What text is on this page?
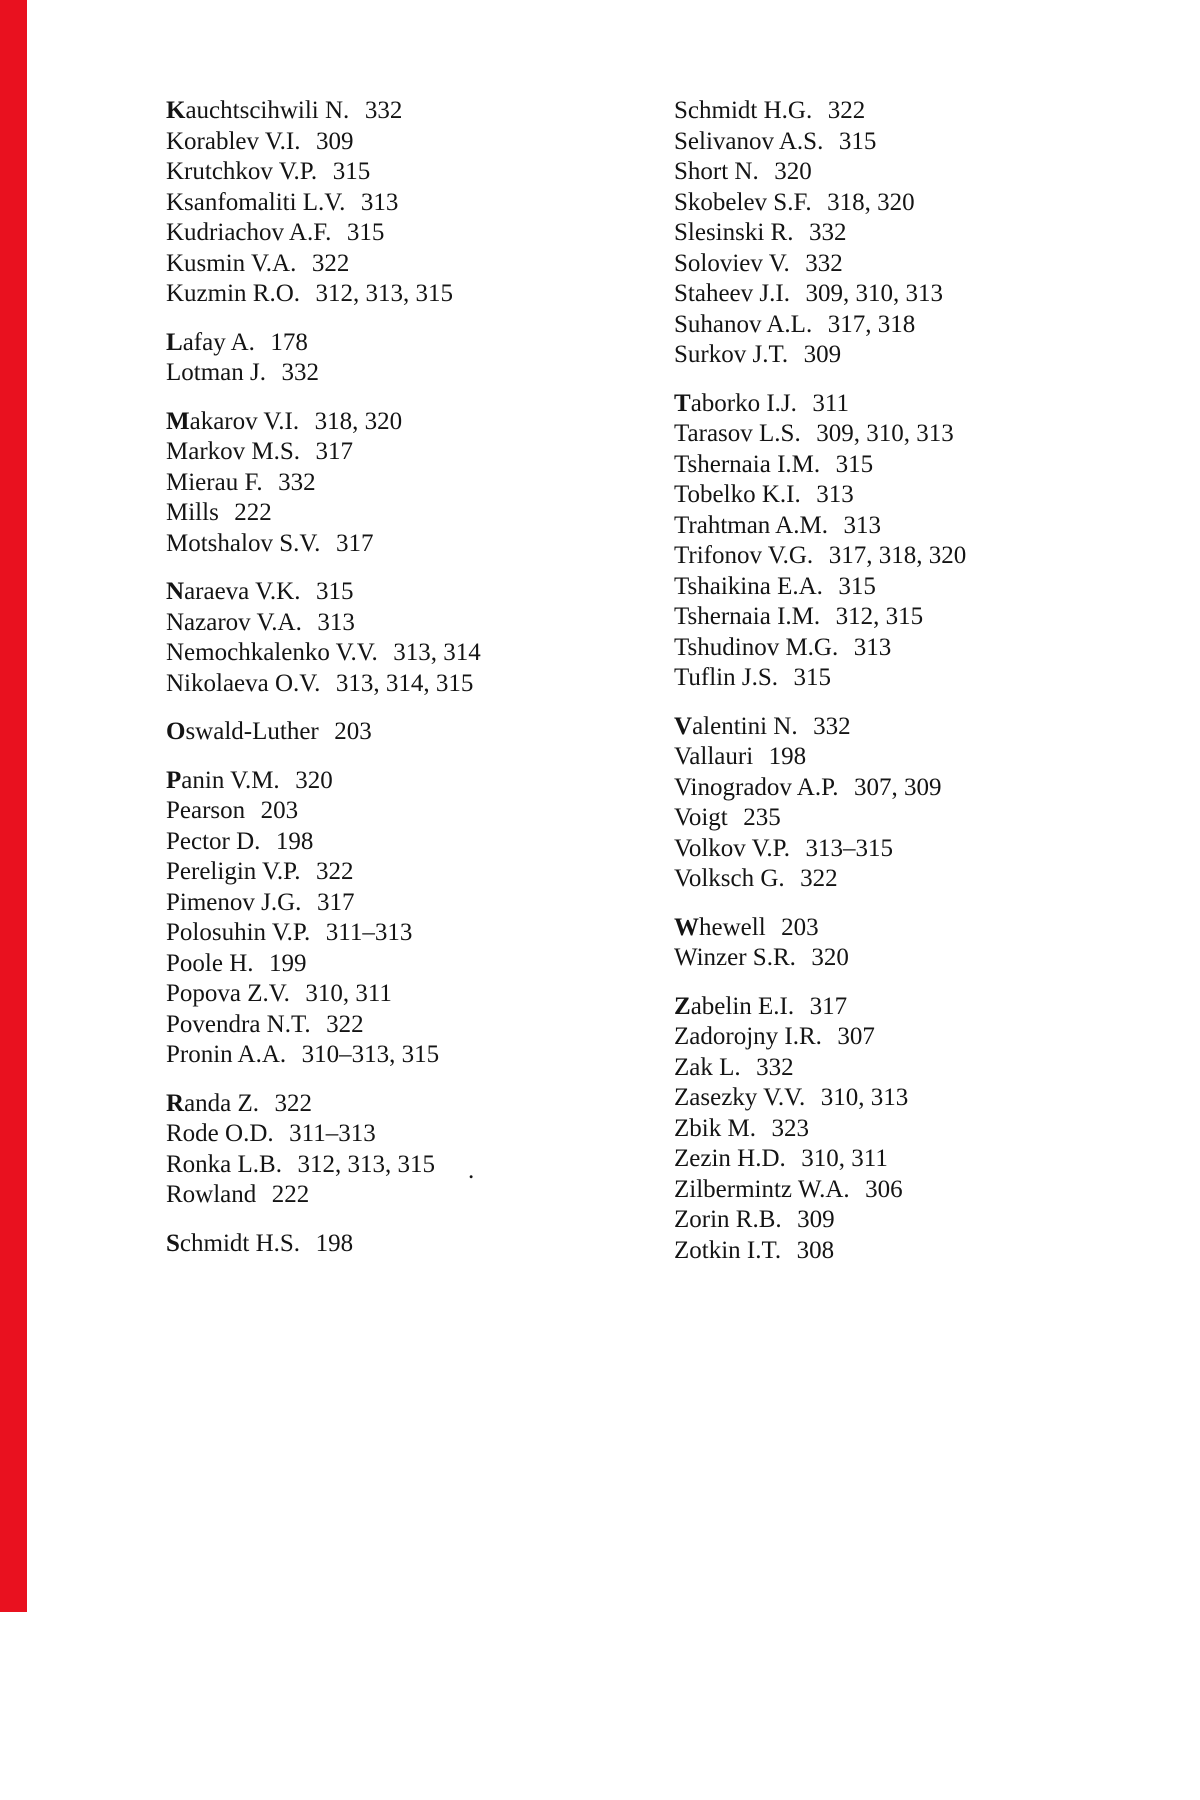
Kauchtscihwili N. 332
Korablev V.I. 309
Krutchkov V.P. 315
Ksanfomaliti L.V. 313
Kudriachov A.F. 315
Kusmin V.A. 322
Kuzmin R.O. 312, 313, 315
Lafay A. 178
Lotman J. 332
Makarov V.I. 318, 320
Markov M.S. 317
Mierau F. 332
Mills 222
Motshalov S.V. 317
Naraeva V.K. 315
Nazarov V.A. 313
Nemochkalenko V.V. 313, 314
Nikolaeva O.V. 313, 314, 315
Oswald-Luther 203
Panin V.M. 320
Pearson 203
Pector D. 198
Pereligin V.P. 322
Pimenov J.G. 317
Polosuhin V.P. 311–313
Poole H. 199
Popova Z.V. 310, 311
Povendra N.T. 322
Pronin A.A. 310–313, 315
Randa Z. 322
Rode O.D. 311–313
Ronka L.B. 312, 313, 315
Rowland 222
Schmidt H.S. 198
Schmidt H.G. 322
Selivanov A.S. 315
Short N. 320
Skobelev S.F. 318, 320
Slesinski R. 332
Soloviev V. 332
Staheev J.I. 309, 310, 313
Suhanov A.L. 317, 318
Surkov J.T. 309
Taborko I.J. 311
Tarasov L.S. 309, 310, 313
Tshernaia I.M. 315
Tobelko K.I. 313
Trahtman A.M. 313
Trifonov V.G. 317, 318, 320
Tshaikina E.A. 315
Tshernaia I.M. 312, 315
Tshudinov M.G. 313
Tuflin J.S. 315
Valentini N. 332
Vallauri 198
Vinogradov A.P. 307, 309
Voigt 235
Volkov V.P. 313–315
Volksch G. 322
Whewell 203
Winzer S.R. 320
Zabelin E.I. 317
Zadorojny I.R. 307
Zak L. 332
Zasezky V.V. 310, 313
Zbik M. 323
Zezin H.D. 310, 311
Zilbermintz W.A. 306
Zorin R.B. 309
Zotkin I.T. 308
.
